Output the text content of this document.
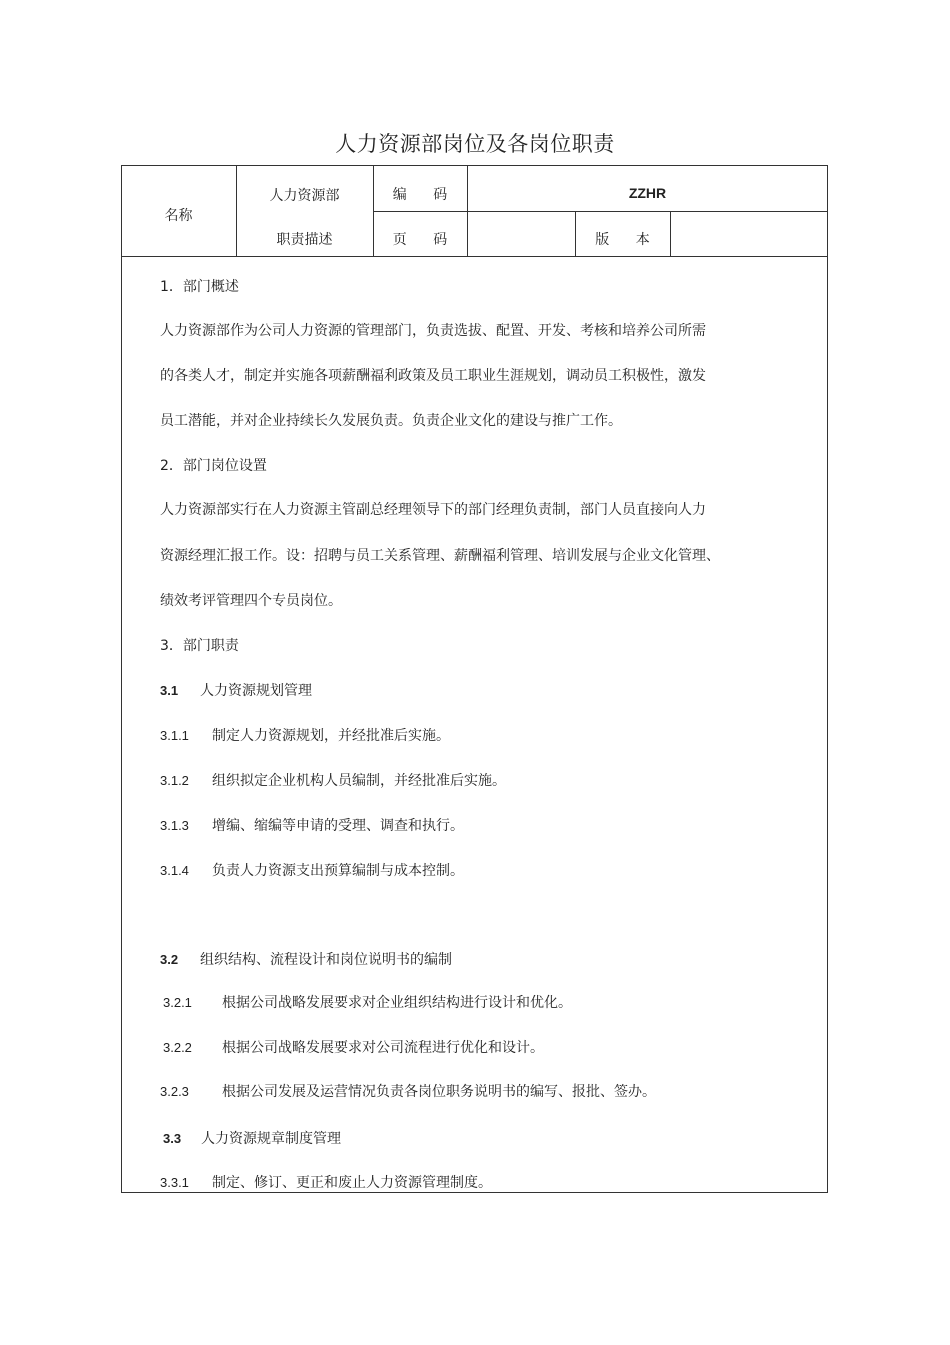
人力资源部岗位及各岗位职责
名称
人力资源部
职责描述
编 码	ZZHR
页 码	版 本
1．部门概述
人力资源部作为公司人力资源的管理部门，负责选拔、配置、开发、考核和培养公司所需
的各类人才，制定并实施各项薪酬福利政策及员工职业生涯规划，调动员工积极性，激发
员工潜能，并对企业持续长久发展负责。负责企业文化的建设与推广工作。
2．部门岗位设置
人力资源部实行在人力资源主管副总经理领导下的部门经理负责制，部门人员直接向人力
资源经理汇报工作。设：招聘与员工关系管理、薪酬福利管理、培训发展与企业文化管理、
绩效考评管理四个专员岗位。
3．部门职责
3.1 人力资源规划管理
3.1.1 制定人力资源规划，并经批准后实施。
3.1.2 组织拟定企业机构人员编制，并经批准后实施。
3.1.3 增编、缩编等申请的受理、调查和执行。
3.1.4 负责人力资源支出预算编制与成本控制。
3.2 组织结构、流程设计和岗位说明书的编制
3.2.1 根据公司战略发展要求对企业组织结构进行设计和优化。
3.2.2 根据公司战略发展要求对公司流程进行优化和设计。
3.2.3 根据公司发展及运营情况负责各岗位职务说明书的编写、报批、签办。
3.3 人力资源规章制度管理
3.3.1 制定、修订、更正和废止人力资源管理制度。
